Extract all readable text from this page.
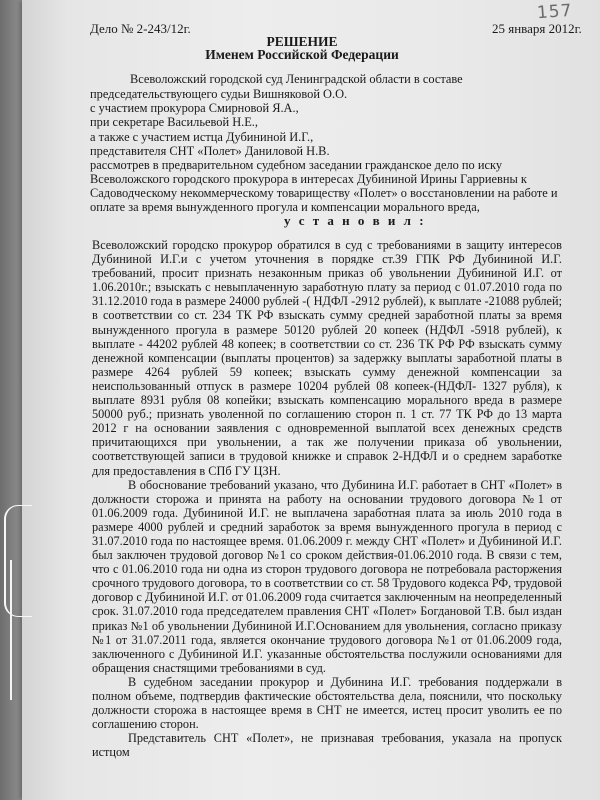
157
Дело № 2-243/12г.	25 января 2012г.
РЕШЕНИЕ
Именем Российской Федерации
Всеволожский городской суд Ленинградской области в составе
председательствующего судьи Вишняковой О.О.
с участием прокурора Смирновой Я.А.,
при секретаре Васильевой Н.Е.,
а также с участием истца Дубининой И.Г.,
представителя СНТ «Полет» Даниловой Н.В.
рассмотрев в предварительном судебном заседании гражданское дело по иску
Всеволожского городского прокурора в интересах Дубининой Ирины Гарриевны к
Садоводческому некоммерческому товариществу «Полет» о восстановлении на работе и
оплате за время вынужденного прогула и компенсации морального вреда,
у с т а н о в и л :

Всеволожский городско прокурор обратился в суд с требованиями в защиту интересов Дубининой И.Г.и с учетом уточнения в порядке ст.39 ГПК РФ Дубининой И.Г. требований, просит признать незаконным приказ об увольнении Дубининой И.Г. от 1.06.2010г.; взыскать с невыплаченную заработную плату за период с 01.07.2010 года по 31.12.2010 года в размере 24000 рублей -( НДФЛ -2912 рублей), к выплате -21088 рублей; в соответствии со ст. 234 ТК РФ взыскать сумму средней заработной платы за время вынужденного прогула в размере 50120 рублей 20 копеек (НДФЛ -5918 рублей), к выплате - 44202 рублей 48 копеек; в соответствии со ст. 236 ТК РФ РФ взыскать сумму денежной компенсации (выплаты процентов) за задержку выплаты заработной платы в размере 4264 рублей 59 копеек; взыскать сумму денежной компенсации за неиспользованный отпуск в размере 10204 рублей 08 копеек-(НДФЛ- 1327 рубля), к выплате 8931 рубля 08 копейки; взыскать компенсацию морального вреда в размере 50000 руб.; признать уволенной по соглашению сторон п. 1 ст. 77 ТК РФ до 13 марта 2012 г на основании заявления с одновременной выплатой всех денежных средств причитающихся при увольнении, а так же получении приказа об увольнении, соответствующей записи в трудовой книжке и справок 2-НДФЛ и о среднем заработке для предоставления в СПб ГУ ЦЗН.

В обоснование требований указано, что Дубинина И.Г. работает в СНТ «Полет» в должности сторожа и принята на работу на основании трудового договора №1 от 01.06.2009 года. Дубининой И.Г. не выплачена заработная плата за июль 2010 года в размере 4000 рублей и средний заработок за время вынужденного прогула в период с 31.07.2010 года по настоящее время. 01.06.2009 г. между СНТ «Полет» и Дубининой И.Г. был заключен трудовой договор №1 со сроком действия-01.06.2010 года. В связи с тем, что с 01.06.2010 года ни одна из сторон трудового договора не потребовала расторжения срочного трудового договора, то в соответствии со ст. 58 Трудового кодекса РФ, трудовой договор с Дубининой И.Г. от 01.06.2009 года считается заключенным на неопределенный срок. 31.07.2010 года председателем правления СНТ «Полет» Богдановой Т.В. был издан приказ №1 об увольнении Дубининой И.Г.Основанием для увольнения, согласно приказу №1 от 31.07.2011 года, является окончание трудового договора №1 от 01.06.2009 года, заключенного с Дубининой И.Г. указанные обстоятельства послужили основаниями для обращения снастящими требованиями в суд.

В судебном заседании прокурор и Дубинина И.Г. требования поддержали в полном объеме, подтвердив фактические обстоятельства дела, пояснили, что поскольку должности сторожа в настоящее время в СНТ не имеется, истец просит уволить ее по соглашению сторон.

Представитель СНТ «Полет», не признавая требования, указала на пропуск истцом
